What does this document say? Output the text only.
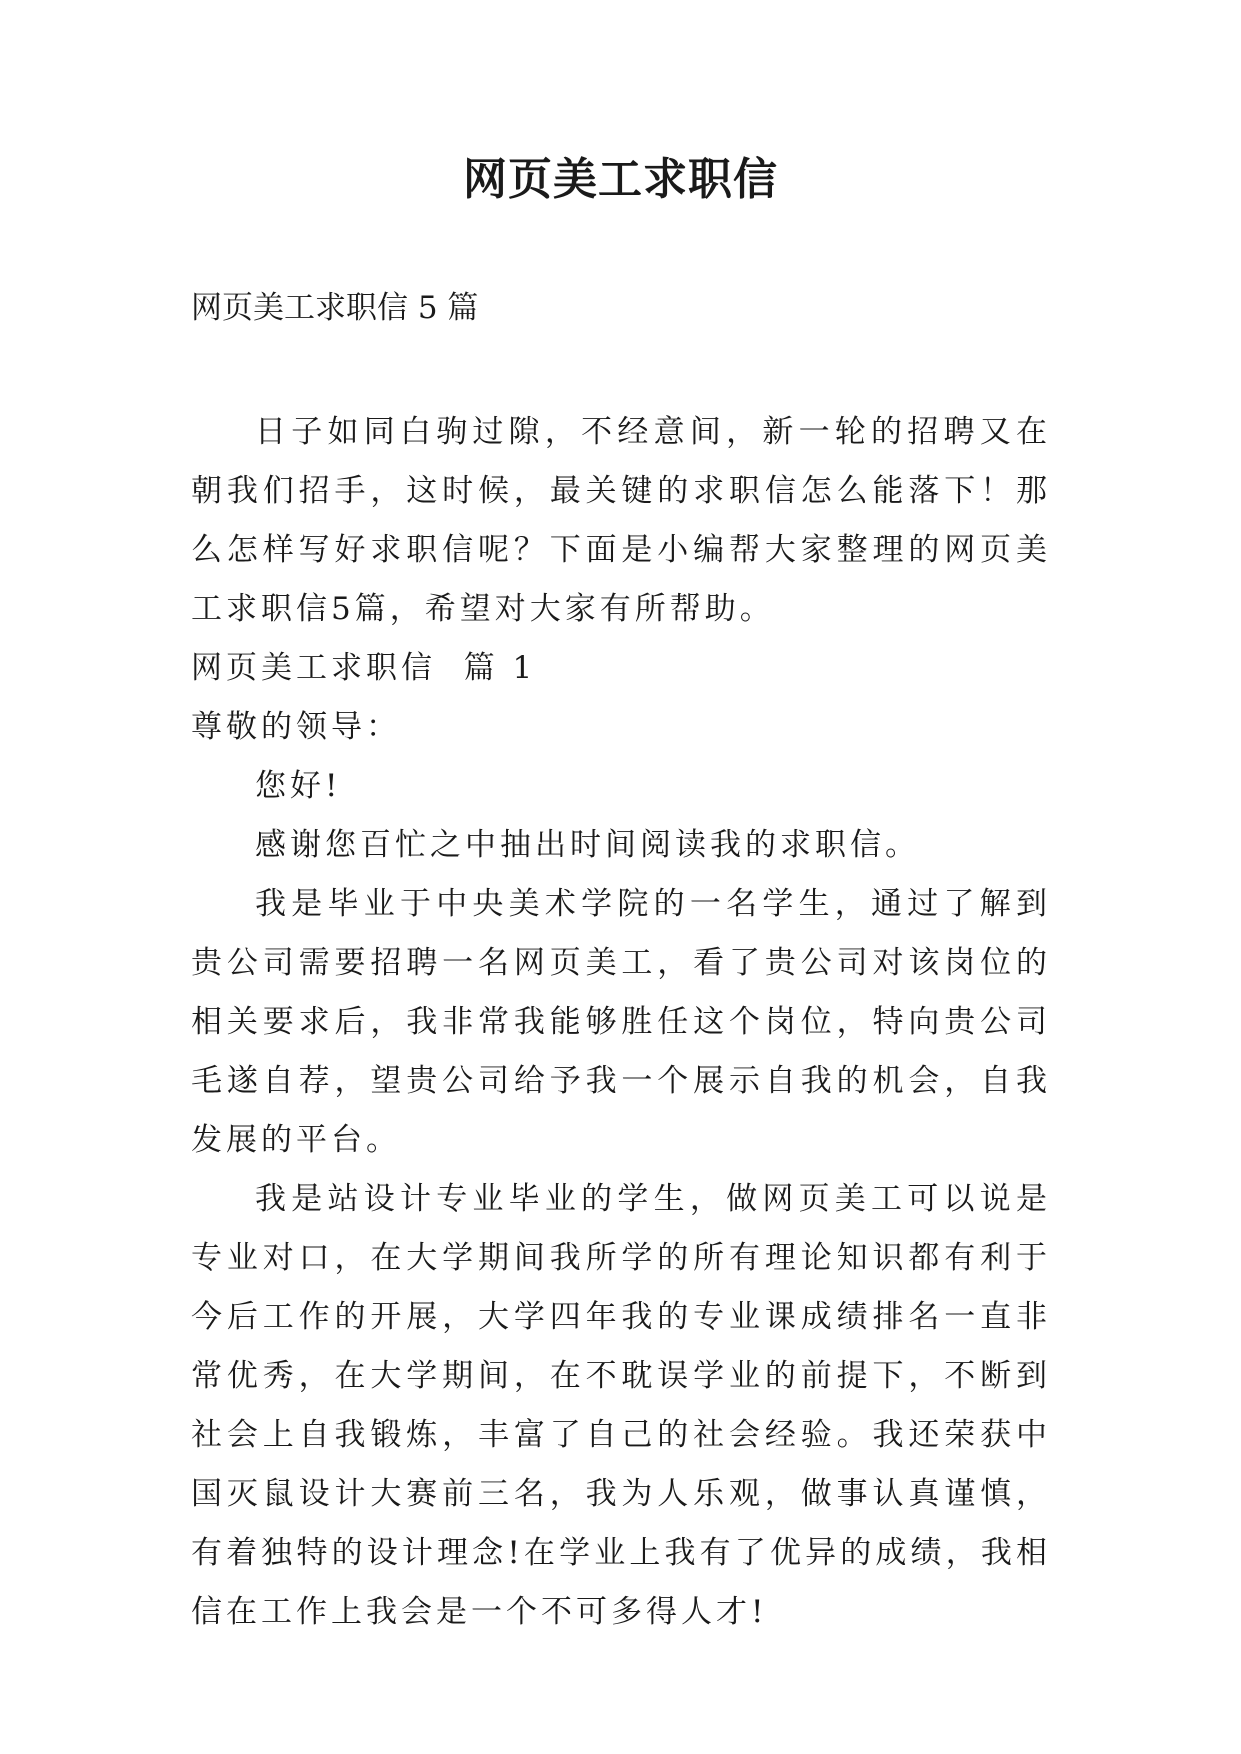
网页美工求职信
网页美工求职信 5 篇

日子如同白驹过隙，不经意间，新一轮的招聘又在朝我们招手，这时候，最关键的求职信怎么能落下！那么怎样写好求职信呢？下面是小编帮大家整理的网页美工求职信5篇，希望对大家有所帮助。

网页美工求职信  篇 1

尊敬的领导：

您好!

感谢您百忙之中抽出时间阅读我的求职信。

我是毕业于中央美术学院的一名学生，通过了解到贵公司需要招聘一名网页美工，看了贵公司对该岗位的相关要求后，我非常我能够胜任这个岗位，特向贵公司毛遂自荐，望贵公司给予我一个展示自我的机会，自我发展的平台。

我是站设计专业毕业的学生，做网页美工可以说是专业对口，在大学期间我所学的所有理论知识都有利于今后工作的开展，大学四年我的专业课成绩排名一直非常优秀，在大学期间，在不耽误学业的前提下，不断到社会上自我锻炼，丰富了自己的社会经验。我还荣获中国灭鼠设计大赛前三名，我为人乐观，做事认真谨慎，有着独特的设计理念!在学业上我有了优异的成绩，我相信在工作上我会是一个不可多得人才!
